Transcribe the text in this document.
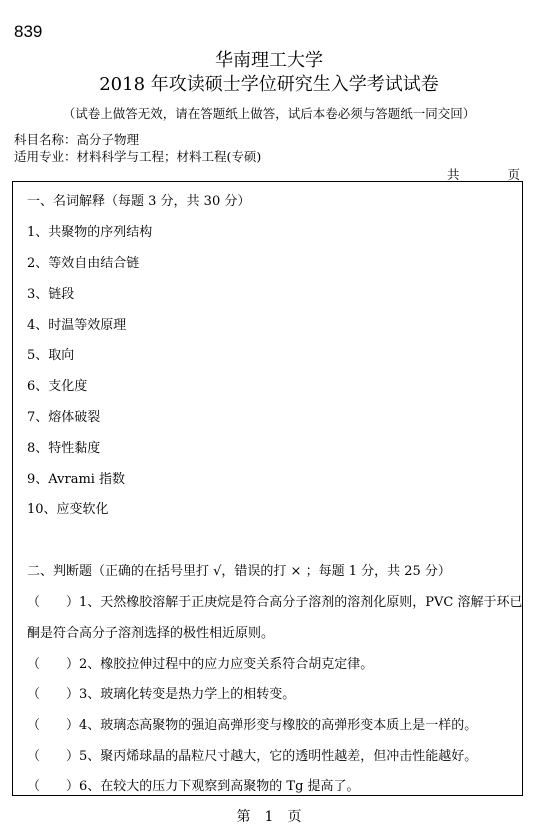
839
华南理工大学
2018 年攻读硕士学位研究生入学考试试卷
（试卷上做答无效，请在答题纸上做答，试后本卷必须与答题纸一同交回）
科目名称：高分子物理
适用专业：材料科学与工程；材料工程(专硕)
共	页
一、名词解释（每题 3 分，共 30 分）
1、共聚物的序列结构
2、等效自由结合链
3、链段
4、时温等效原理
5、取向
6、支化度
7、熔体破裂
8、特性黏度
9、Avrami 指数
10、应变软化
二、判断题（正确的在括号里打 √，错误的打 × ；每题 1 分，共 25 分）
（　　）1、天然橡胶溶解于正庚烷是符合高分子溶剂的溶剂化原则，PVC 溶解于环已
酮是符合高分子溶剂选择的极性相近原则。
（　　）2、橡胶拉伸过程中的应力应变关系符合胡克定律。
（　　）3、玻璃化转变是热力学上的相转变。
（　　）4、玻璃态高聚物的强迫高弹形变与橡胶的高弹形变本质上是一样的。
（　　）5、聚丙烯球晶的晶粒尺寸越大，它的透明性越差，但冲击性能越好。
（　　）6、在较大的压力下观察到高聚物的 Tg 提高了。
第　1　页
